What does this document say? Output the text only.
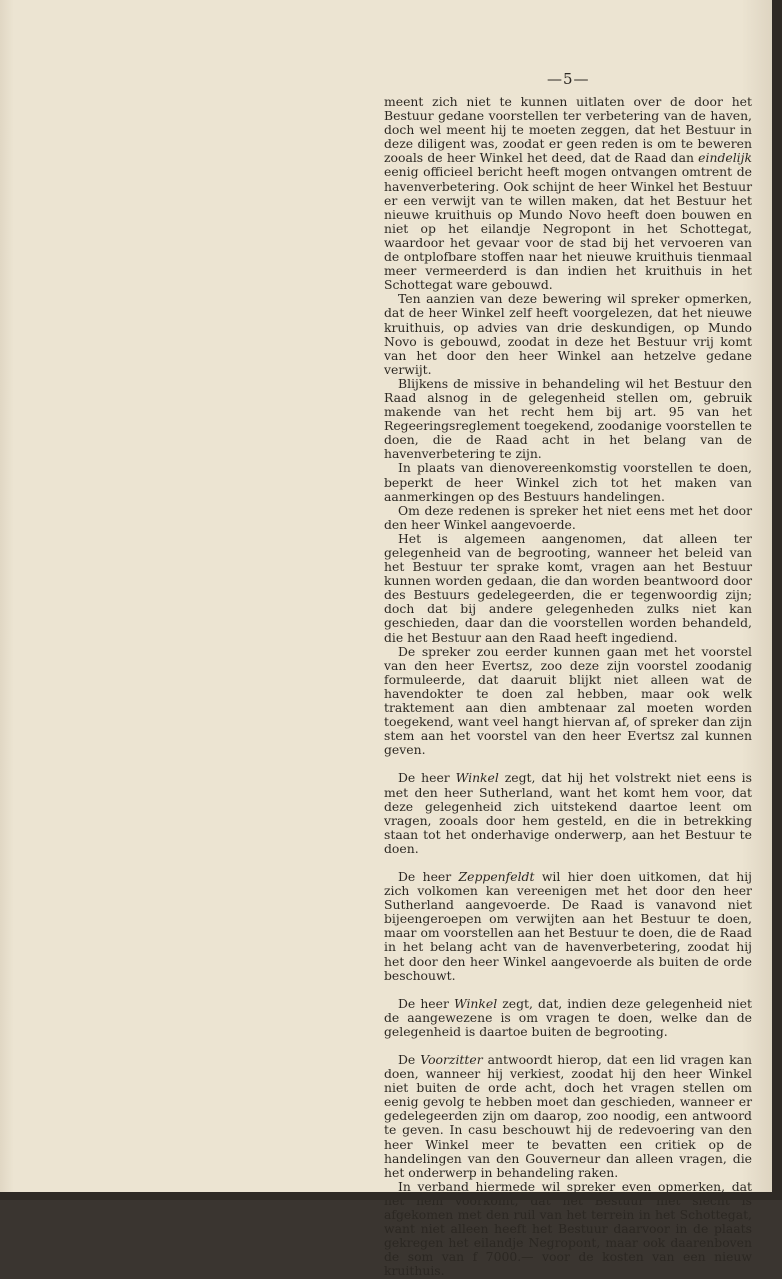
—5—

meent zich niet te kunnen uitlaten over de door het Bestuur gedane voorstellen ter verbetering van de haven, doch wel meent hij te moeten zeggen, dat het Bestuur in deze diligent was, zoodat er geen reden is om te beweren zooals de heer Winkel het deed, dat de Raad dan eindelijk eenig officieel bericht heeft mogen ontvangen omtrent de havenverbetering. Ook schijnt de heer Winkel het Bestuur er een verwijt van te willen maken, dat het Bestuur het nieuwe kruithuis op Mundo Novo heeft doen bouwen en niet op het eilandje Negropont in het Schottegat, waardoor het gevaar voor de stad bij het vervoeren van de ontplofbare stoffen naar het nieuwe kruithuis tienmaal meer vermeerderd is dan indien het kruithuis in het Schottegat ware gebouwd.

Ten aanzien van deze bewering wil spreker opmerken, dat de heer Winkel zelf heeft voorgelezen, dat het nieuwe kruithuis, op advies van drie deskundigen, op Mundo Novo is gebouwd, zoodat in deze het Bestuur vrij komt van het door den heer Winkel aan hetzelve gedane verwijt.

Blijkens de missive in behandeling wil het Bestuur den Raad alsnog in de gelegenheid stellen om, gebruik makende van het recht hem bij art. 95 van het Regeeringsreglement toegekend, zoodanige voorstellen te doen, die de Raad acht in het belang van de havenverbetering te zijn.

In plaats van dienovereenkomstig voorstellen te doen, beperkt de heer Winkel zich tot het maken van aanmerkingen op des Bestuurs handelingen.

Om deze redenen is spreker het niet eens met het door den heer Winkel aangevoerde.

Het is algemeen aangenomen, dat alleen ter gelegenheid van de begrooting, wanneer het beleid van het Bestuur ter sprake komt, vragen aan het Bestuur kunnen worden gedaan, die dan worden beantwoord door des Bestuurs gedelegeerden, die er tegenwoordig zijn; doch dat bij andere gelegenheden zulks niet kan geschieden, daar dan die voorstellen worden behandeld, die het Bestuur aan den Raad heeft ingediend.

De spreker zou eerder kunnen gaan met het voorstel van den heer Evertsz, zoo deze zijn voorstel zoodanig formuleerde, dat daaruit blijkt niet alleen wat de havendokter te doen zal hebben, maar ook welk traktement aan dien ambtenaar zal moeten worden toegekend, want veel hangt hiervan af, of spreker dan zijn stem aan het voorstel van den heer Evertsz zal kunnen geven.

De heer Winkel zegt, dat hij het volstrekt niet eens is met den heer Sutherland, want het komt hem voor, dat deze gelegenheid zich uitstekend daartoe leent om vragen, zooals door hem gesteld, en die in betrekking staan tot het onderhavige onderwerp, aan het Bestuur te doen.

De heer Zeppenfeldt wil hier doen uitkomen, dat hij zich volkomen kan vereenigen met het door den heer Sutherland aangevoerde. De Raad is vanavond niet bijeengeroepen om verwijten aan het Bestuur te doen, maar om voorstellen aan het Bestuur te doen, die de Raad in het belang acht van de havenverbetering, zoodat hij het door den heer Winkel aangevoerde als buiten de orde beschouwt.

De heer Winkel zegt, dat, indien deze gelegenheid niet de aangewezene is om vragen te doen, welke dan de gelegenheid is daartoe buiten de begrooting.

De Voorzitter antwoordt hierop, dat een lid vragen kan doen, wanneer hij verkiest, zoodat hij den heer Winkel niet buiten de orde acht, doch het vragen stellen om eenig gevolg te hebben moet dan geschieden, wanneer er gedelegeerden zijn om daarop, zoo noodig, een antwoord te geven. In casu beschouwt hij de redevoering van den heer Winkel meer te bevatten een critiek op de handelingen van den Gouverneur dan alleen vragen, die het onderwerp in behandeling raken.

In verband hiermede wil spreker even opmerken, dat het hem voorkomt, dat het Bestuur niet slecht is afgekomen met den ruil van het terrein in het Schottegat, want niet alleen heeft het Bestuur daarvoor in de plaats gekregen het eilandje Negropont, maar ook daarenboven de som van f 7000.— voor de kosten van een nieuw
